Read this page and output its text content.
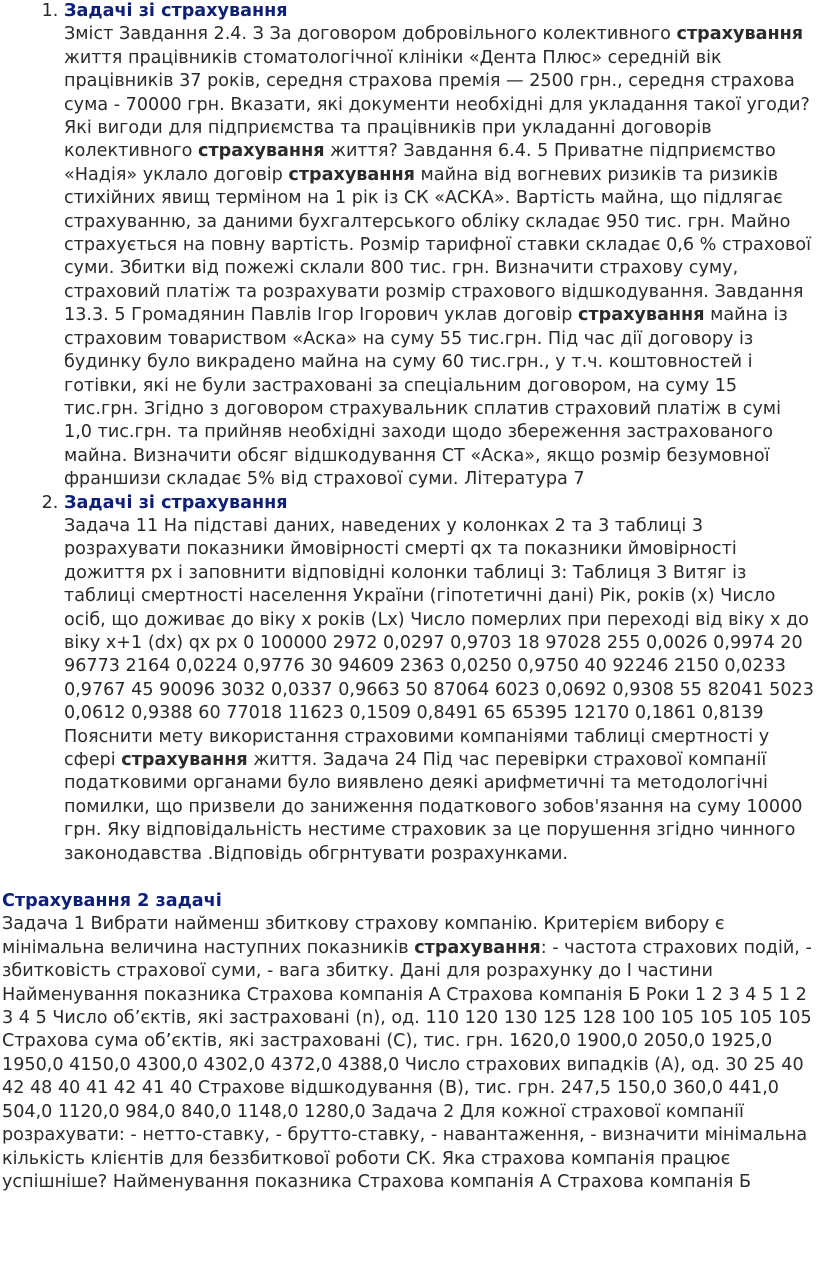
1. Задачі зі страхування
Зміст Завдання 2.4. З За договором добровільного колективного страхування життя працівників стоматологічної клініки «Дента Плюс» середній вік працівників 37 років, середня страхова премія — 2500 грн., середня страхова сума - 70000 грн. Вказати, які документи необхідні для укладання такої угоди? Які вигоди для підприємства та працівників при укладанні договорів колективного страхування життя? Завдання 6.4. 5 Приватне підприємство «Надія» уклало договір страхування майна від вогневих ризиків та ризиків стихійних явищ терміном на 1 рік із СК «АСКА». Вартість майна, що підлягає страхуванню, за даними бухгалтерського обліку складає 950 тис. грн. Майно страхується на повну вартість. Розмір тарифної ставки складає 0,6 % страхової суми. Збитки від пожежі склали 800 тис. грн. Визначити страхову суму, страховий платіж та розрахувати розмір страхового відшкодування. Завдання 13.3. 5 Громадянин Павлів Ігор Ігорович уклав договір страхування майна із страховим товариством «Аска» на суму 55 тис.грн. Під час дії договору із будинку було викрадено майна на суму 60 тис.грн., у т.ч. коштовностей і готівки, які не були застраховані за спеціальним договором, на суму 15 тис.грн. Згідно з договором страхувальник сплатив страховий платіж в сумі 1,0 тис.грн. та прийняв необхідні заходи щодо збереження застрахованого майна. Визначити обсяг відшкодування СТ «Аска», якщо розмір безумовної франшизи складає 5% від страхової суми. Література 7
2. Задачі зі страхування
Задача 11 На підставі даних, наведених у колонках 2 та 3 таблиці 3 розрахувати показники ймовірності смерті qх та показники ймовірності дожиття рх і заповнити відповідні колонки таблиці 3: Таблиця 3 Витяг із таблиці смертності населення України (гіпотетичні дані) Рік, років (х) Число осіб, що доживає до віку х років (Lx) Число померлих при переході від віку х до віку х+1 (dx) qх рх 0 100000 2972 0,0297 0,9703 18 97028 255 0,0026 0,9974 20 96773 2164 0,0224 0,9776 30 94609 2363 0,0250 0,9750 40 92246 2150 0,0233 0,9767 45 90096 3032 0,0337 0,9663 50 87064 6023 0,0692 0,9308 55 82041 5023 0,0612 0,9388 60 77018 11623 0,1509 0,8491 65 65395 12170 0,1861 0,8139 Пояснити мету використання страховими компаніями таблиці смертності у сфері страхування життя. Задача 24 Під час перевірки страхової компанії податковими органами було виявлено деякі арифметичні та методологічні помилки, що призвели до заниження податкового зобов'язання на суму 10000 грн. Яку відповідальність нестиме страховик за це порушення згідно чинного законодавства .Відповідь обгрнтувати розрахунками.
Страхування 2 задачі
Задача 1 Вибрати найменш збиткову страхову компанію. Критерієм вибору є мінімальна величина наступних показників страхування: - частота страхових подій, - збитковість страхової суми, - вага збитку. Дані для розрахунку до І частини Найменування показника Страхова компанія А Страхова компанія Б Роки 1 2 3 4 5 1 2 3 4 5 Число об’єктів, які застраховані (n), од. 110 120 130 125 128 100 105 105 105 105 Страхова сума об’єктів, які застраховані (С), тис. грн. 1620,0 1900,0 2050,0 1925,0 1950,0 4150,0 4300,0 4302,0 4372,0 4388,0 Число страхових випадків (А), од. 30 25 40 42 48 40 41 42 41 40 Страхове відшкодування (В), тис. грн. 247,5 150,0 360,0 441,0 504,0 1120,0 984,0 840,0 1148,0 1280,0 Задача 2 Для кожної страхової компанії розрахувати: - нетто-ставку, - брутто-ставку, - навантаження, - визначити мінімальна кількість клієнтів для беззбиткової роботи СК. Яка страхова компанія працює успішніше? Найменування показника Страхова компанія А Страхова компанія Б
